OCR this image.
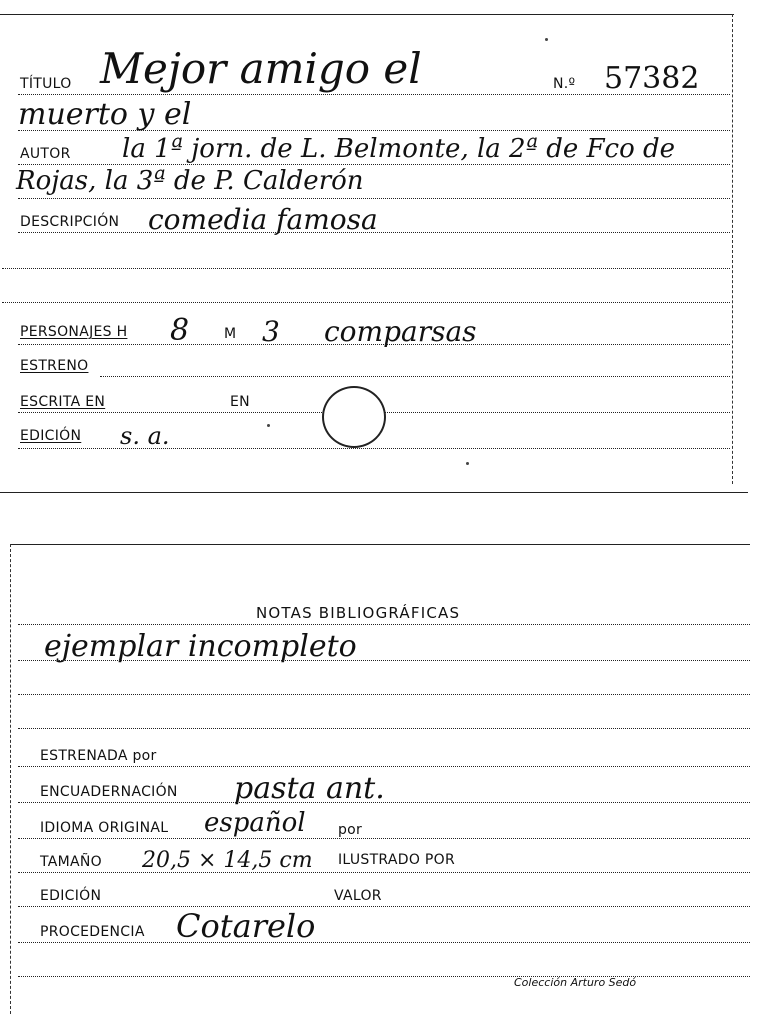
TÍTULO Mejor amigo el	N.º 57382
muerto y el
AUTOR la 1ª jorn. de L. Belmonte, la 2ª de Fco de
Rojas, la 3ª de P. Calderón
DESCRIPCIÓN comedia famosa
PERSONAJES H 8 M 3 comparsas
ESTRENO
ESCRITA EN	EN
EDICIÓN s. a.
NOTAS BIBLIOGRÁFICAS
ejemplar incompleto
ESTRENADA por
ENCUADERNACIÓN pasta ant.
IDIOMA ORIGINAL español por
TAMAÑO 20,5 × 14,5 cm ILUSTRADO POR
EDICIÓN	VALOR
PROCEDENCIA Cotarelo
Colección Arturo Sedó
